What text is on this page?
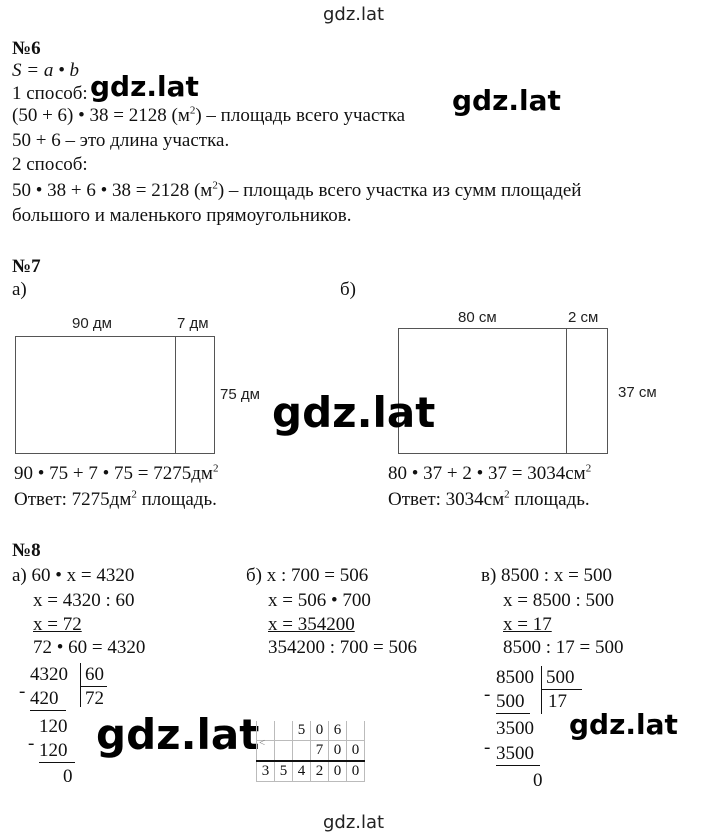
gdz.lat
gdz.lat
№6
S = a • b
1 способ:
(50 + 6) • 38 = 2128 $(м^2)$ – площадь всего участка
50 + 6 – это длина участка.
2 способ:
50 • 38 + 6 • 38 = 2128 $(м^2)$ – площадь всего участка из сумм площадей
большого и маленького прямоугольников.
gdz.lat	gdz.lat
№7
а)	б)
90 дм	7 дм
75 дм
80 см	2 см
37 см
gdz.lat
90 • 75 + 7 • $75 = 7275дм^2$
Ответ: $7275дм^2$ площадь.
80 • 37 + 2 • $37 = 3034см^2$
Ответ: $3034см^2$ площадь.
№8
а) 60 • x = 4320
x = 4320 : 60
x = 72
72 • 60 = 4320
4320 60
72
- 420
120
- 120
0
gdz.lat
б) x : 700 = 506
x = 506 • 700
x = 354200
354200 : 700 = 506
		5	0	6	
			7	0	0
3	5	4	2	0	0
<
в) 8500 : x = 500
x = 8500 : 500
x = 17
8500 : 17 = 500
8500 500
17
- 500
3500
- 3500
0
gdz.lat
